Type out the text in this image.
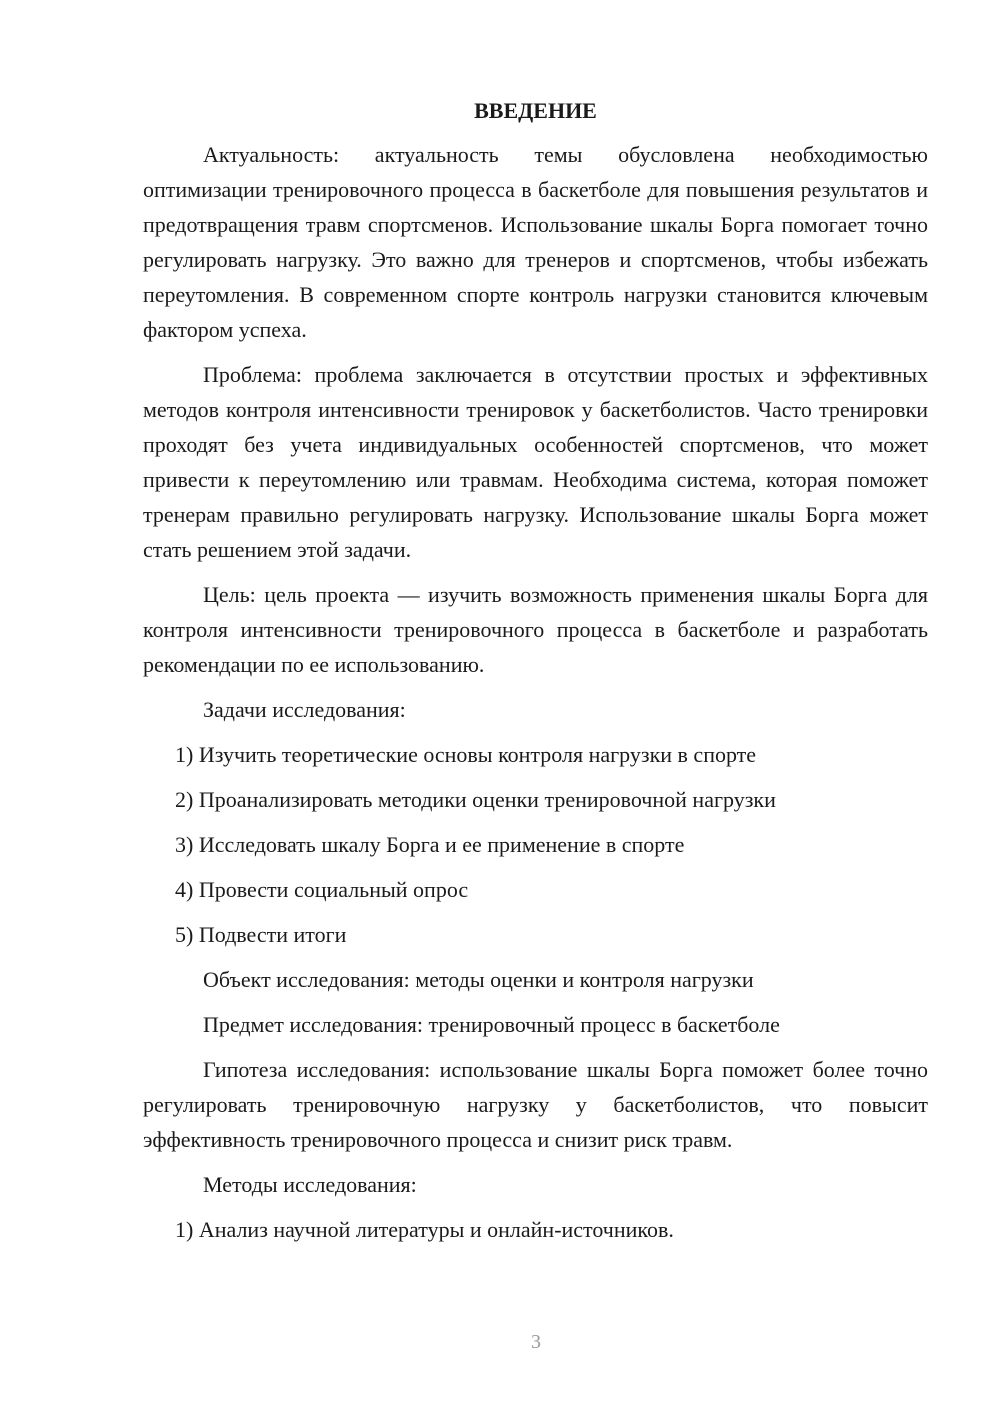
ВВЕДЕНИЕ

Актуальность: актуальность темы обусловлена необходимостью оптимизации тренировочного процесса в баскетболе для повышения результатов и предотвращения травм спортсменов. Использование шкалы Борга помогает точно регулировать нагрузку. Это важно для тренеров и спортсменов, чтобы избежать переутомления. В современном спорте контроль нагрузки становится ключевым фактором успеха.

Проблема: проблема заключается в отсутствии простых и эффективных методов контроля интенсивности тренировок у баскетболистов. Часто тренировки проходят без учета индивидуальных особенностей спортсменов, что может привести к переутомлению или травмам. Необходима система, которая поможет тренерам правильно регулировать нагрузку. Использование шкалы Борга может стать решением этой задачи.

Цель: цель проекта — изучить возможность применения шкалы Борга для контроля интенсивности тренировочного процесса в баскетболе и разработать рекомендации по ее использованию.

Задачи исследования:
1) Изучить теоретические основы контроля нагрузки в спорте
2) Проанализировать методики оценки тренировочной нагрузки
3) Исследовать шкалу Борга и ее применение в спорте
4) Провести социальный опрос
5) Подвести итоги
Объект исследования: методы оценки и контроля нагрузки
Предмет исследования: тренировочный процесс в баскетболе

Гипотеза исследования: использование шкалы Борга поможет более точно регулировать тренировочную нагрузку у баскетболистов, что повысит эффективность тренировочного процесса и снизит риск травм.

Методы исследования:
1) Анализ научной литературы и онлайн-источников.
3
